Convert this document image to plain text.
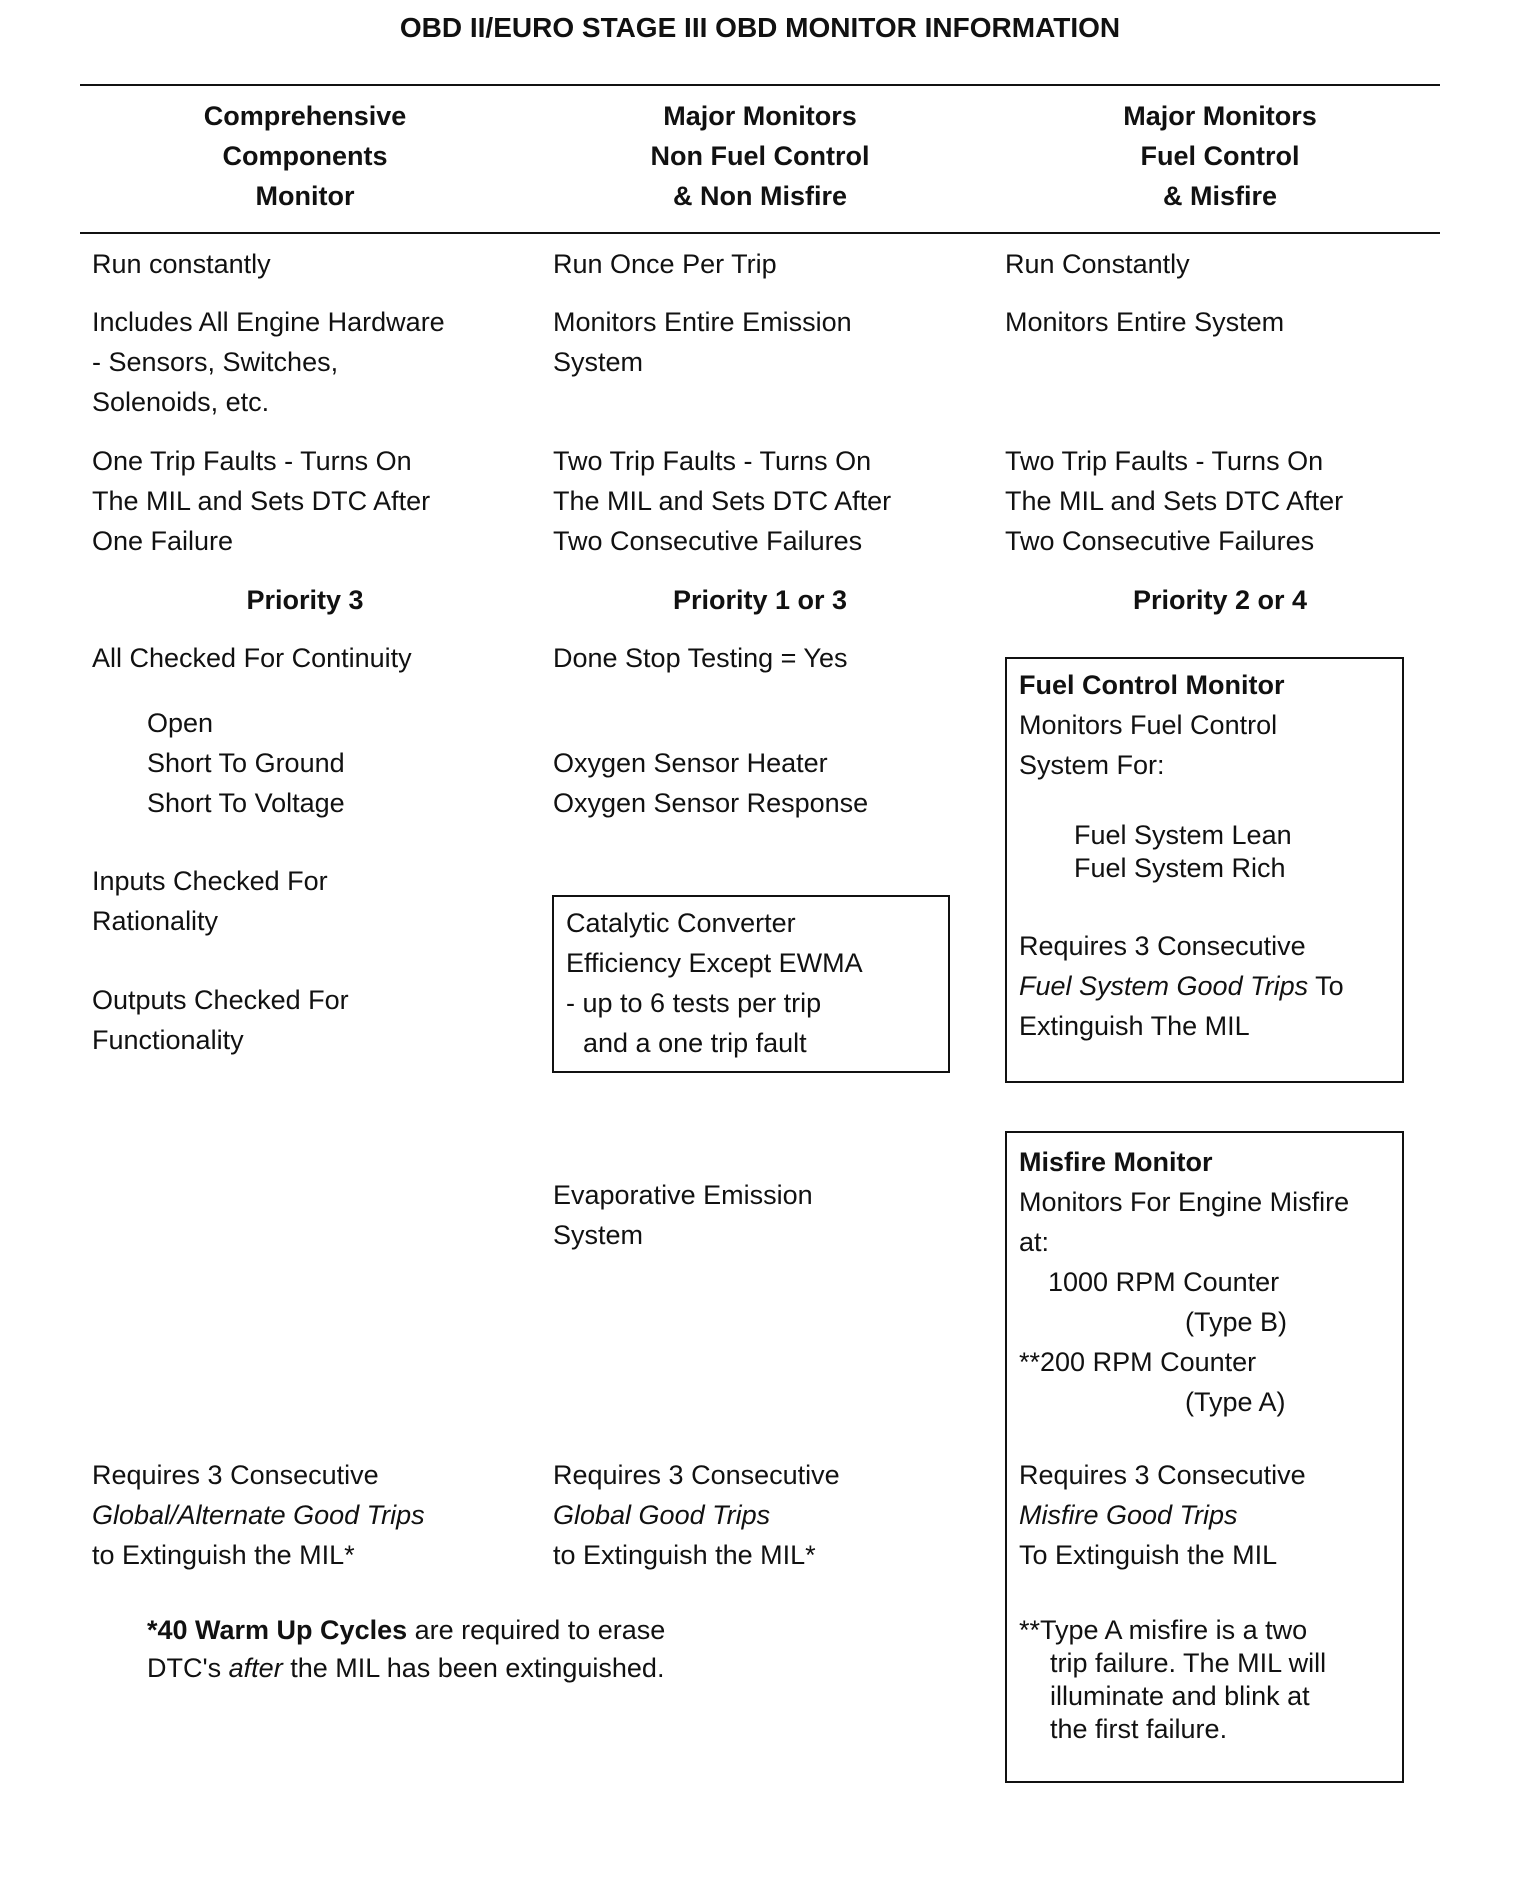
OBD II/EURO STAGE III OBD MONITOR INFORMATION
Comprehensive
Components
Monitor
Major Monitors
Non Fuel Control
& Non Misfire
Major Monitors
Fuel Control
& Misfire
Run constantly
Includes All Engine Hardware
- Sensors, Switches,
Solenoids, etc.
One Trip Faults - Turns On
The MIL and Sets DTC After
One Failure
Priority 3
All Checked For Continuity
Open
Short To Ground
Short To Voltage
Inputs Checked For
Rationality
Outputs Checked For
Functionality
Requires 3 Consecutive
Global/Alternate Good Trips
to Extinguish the MIL*
Run Once Per Trip
Monitors Entire Emission
System
Two Trip Faults - Turns On
The MIL and Sets DTC After
Two Consecutive Failures
Priority 1 or 3
Done Stop Testing = Yes
Oxygen Sensor Heater
Oxygen Sensor Response
Catalytic Converter
Efficiency Except EWMA
- up to 6 tests per trip
and a one trip fault
Evaporative Emission
System
Requires 3 Consecutive
Global Good Trips
to Extinguish the MIL*
Run Constantly
Monitors Entire System
Two Trip Faults - Turns On
The MIL and Sets DTC After
Two Consecutive Failures
Priority 2 or 4
Fuel Control Monitor
Monitors Fuel Control
System For:
Fuel System Lean
Fuel System Rich
Requires 3 Consecutive
Fuel System Good Trips To
Extinguish The MIL
Misfire Monitor
Monitors For Engine Misfire
at:
1000 RPM Counter
(Type B)
**200 RPM Counter
(Type A)
Requires 3 Consecutive
Misfire Good Trips
To Extinguish the MIL
**Type A misfire is a two
trip failure. The MIL will
illuminate and blink at
the first failure.
*40 Warm Up Cycles are required to erase
DTC's after the MIL has been extinguished.
